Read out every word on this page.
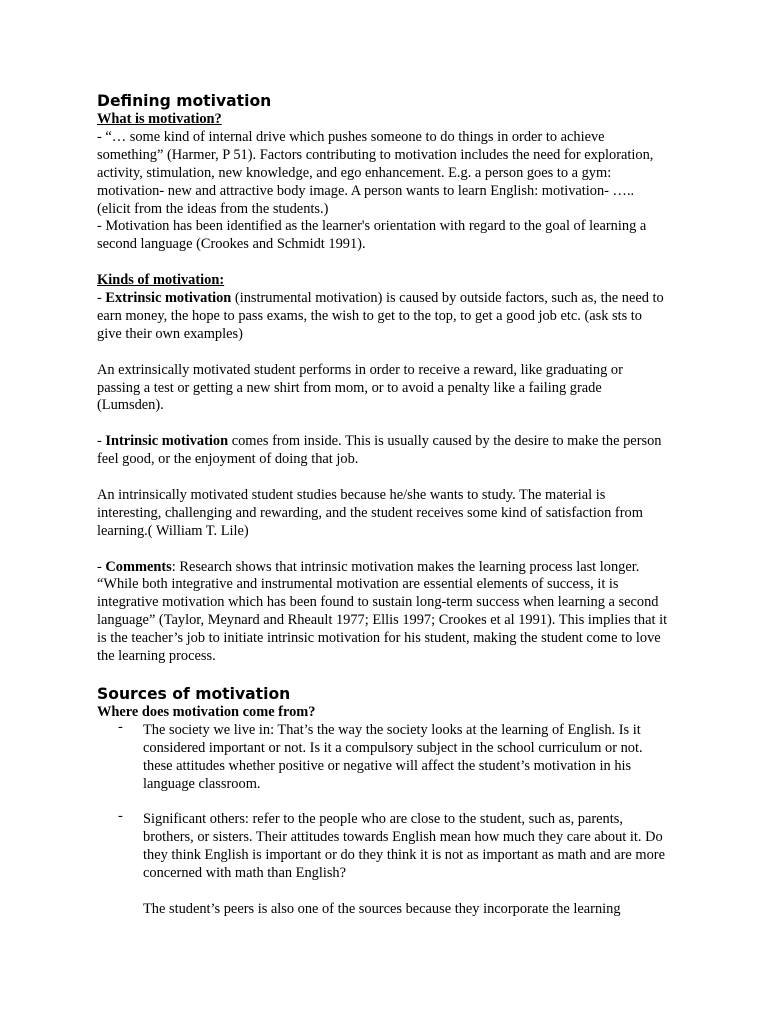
Defining motivation

What is motivation?

- “… some kind of internal drive which pushes someone to do things in order to achieve something” (Harmer, P 51). Factors contributing to motivation includes the need for exploration, activity, stimulation, new knowledge, and ego enhancement. E.g. a person goes to a gym: motivation- new and attractive body image. A person wants to learn English: motivation- ….. (elicit from the ideas from the students.)

- Motivation has been identified as the learner's orientation with regard to the goal of learning a second language (Crookes and Schmidt 1991).

Kinds of motivation:

- Extrinsic motivation (instrumental motivation) is caused by outside factors, such as, the need to earn money, the hope to pass exams, the wish to get to the top, to get a good job etc. (ask sts to give their own examples)

An extrinsically motivated student performs in order to receive a reward, like graduating or passing a test or getting a new shirt from mom, or to avoid a penalty like a failing grade (Lumsden).

- Intrinsic motivation comes from inside. This is usually caused by the desire to make the person feel good, or the enjoyment of doing that job.

An intrinsically motivated student studies because he/she wants to study. The material is interesting, challenging and rewarding, and the student receives some kind of satisfaction from learning.( William T. Lile)

- Comments: Research shows that intrinsic motivation makes the learning process last longer. “While both integrative and instrumental motivation are essential elements of success, it is integrative motivation which has been found to sustain long-term success when learning a second language” (Taylor, Meynard and Rheault 1977; Ellis 1997; Crookes et al 1991). This implies that it is the teacher’s job to initiate intrinsic motivation for his student, making the student come to love the learning process.

Sources of motivation

Where does motivation come from?

- The society we live in: That’s the way the society looks at the learning of English. Is it considered important or not. Is it a compulsory subject in the school curriculum or not. these attitudes whether positive or negative will affect the student’s motivation in his language classroom.
- Significant others: refer to the people who are close to the student, such as, parents, brothers, or sisters. Their attitudes towards English mean how much they care about it. Do they think English is important or do they think it is not as important as math and are more concerned with math than English?

The student’s peers is also one of the sources because they incorporate the learning
